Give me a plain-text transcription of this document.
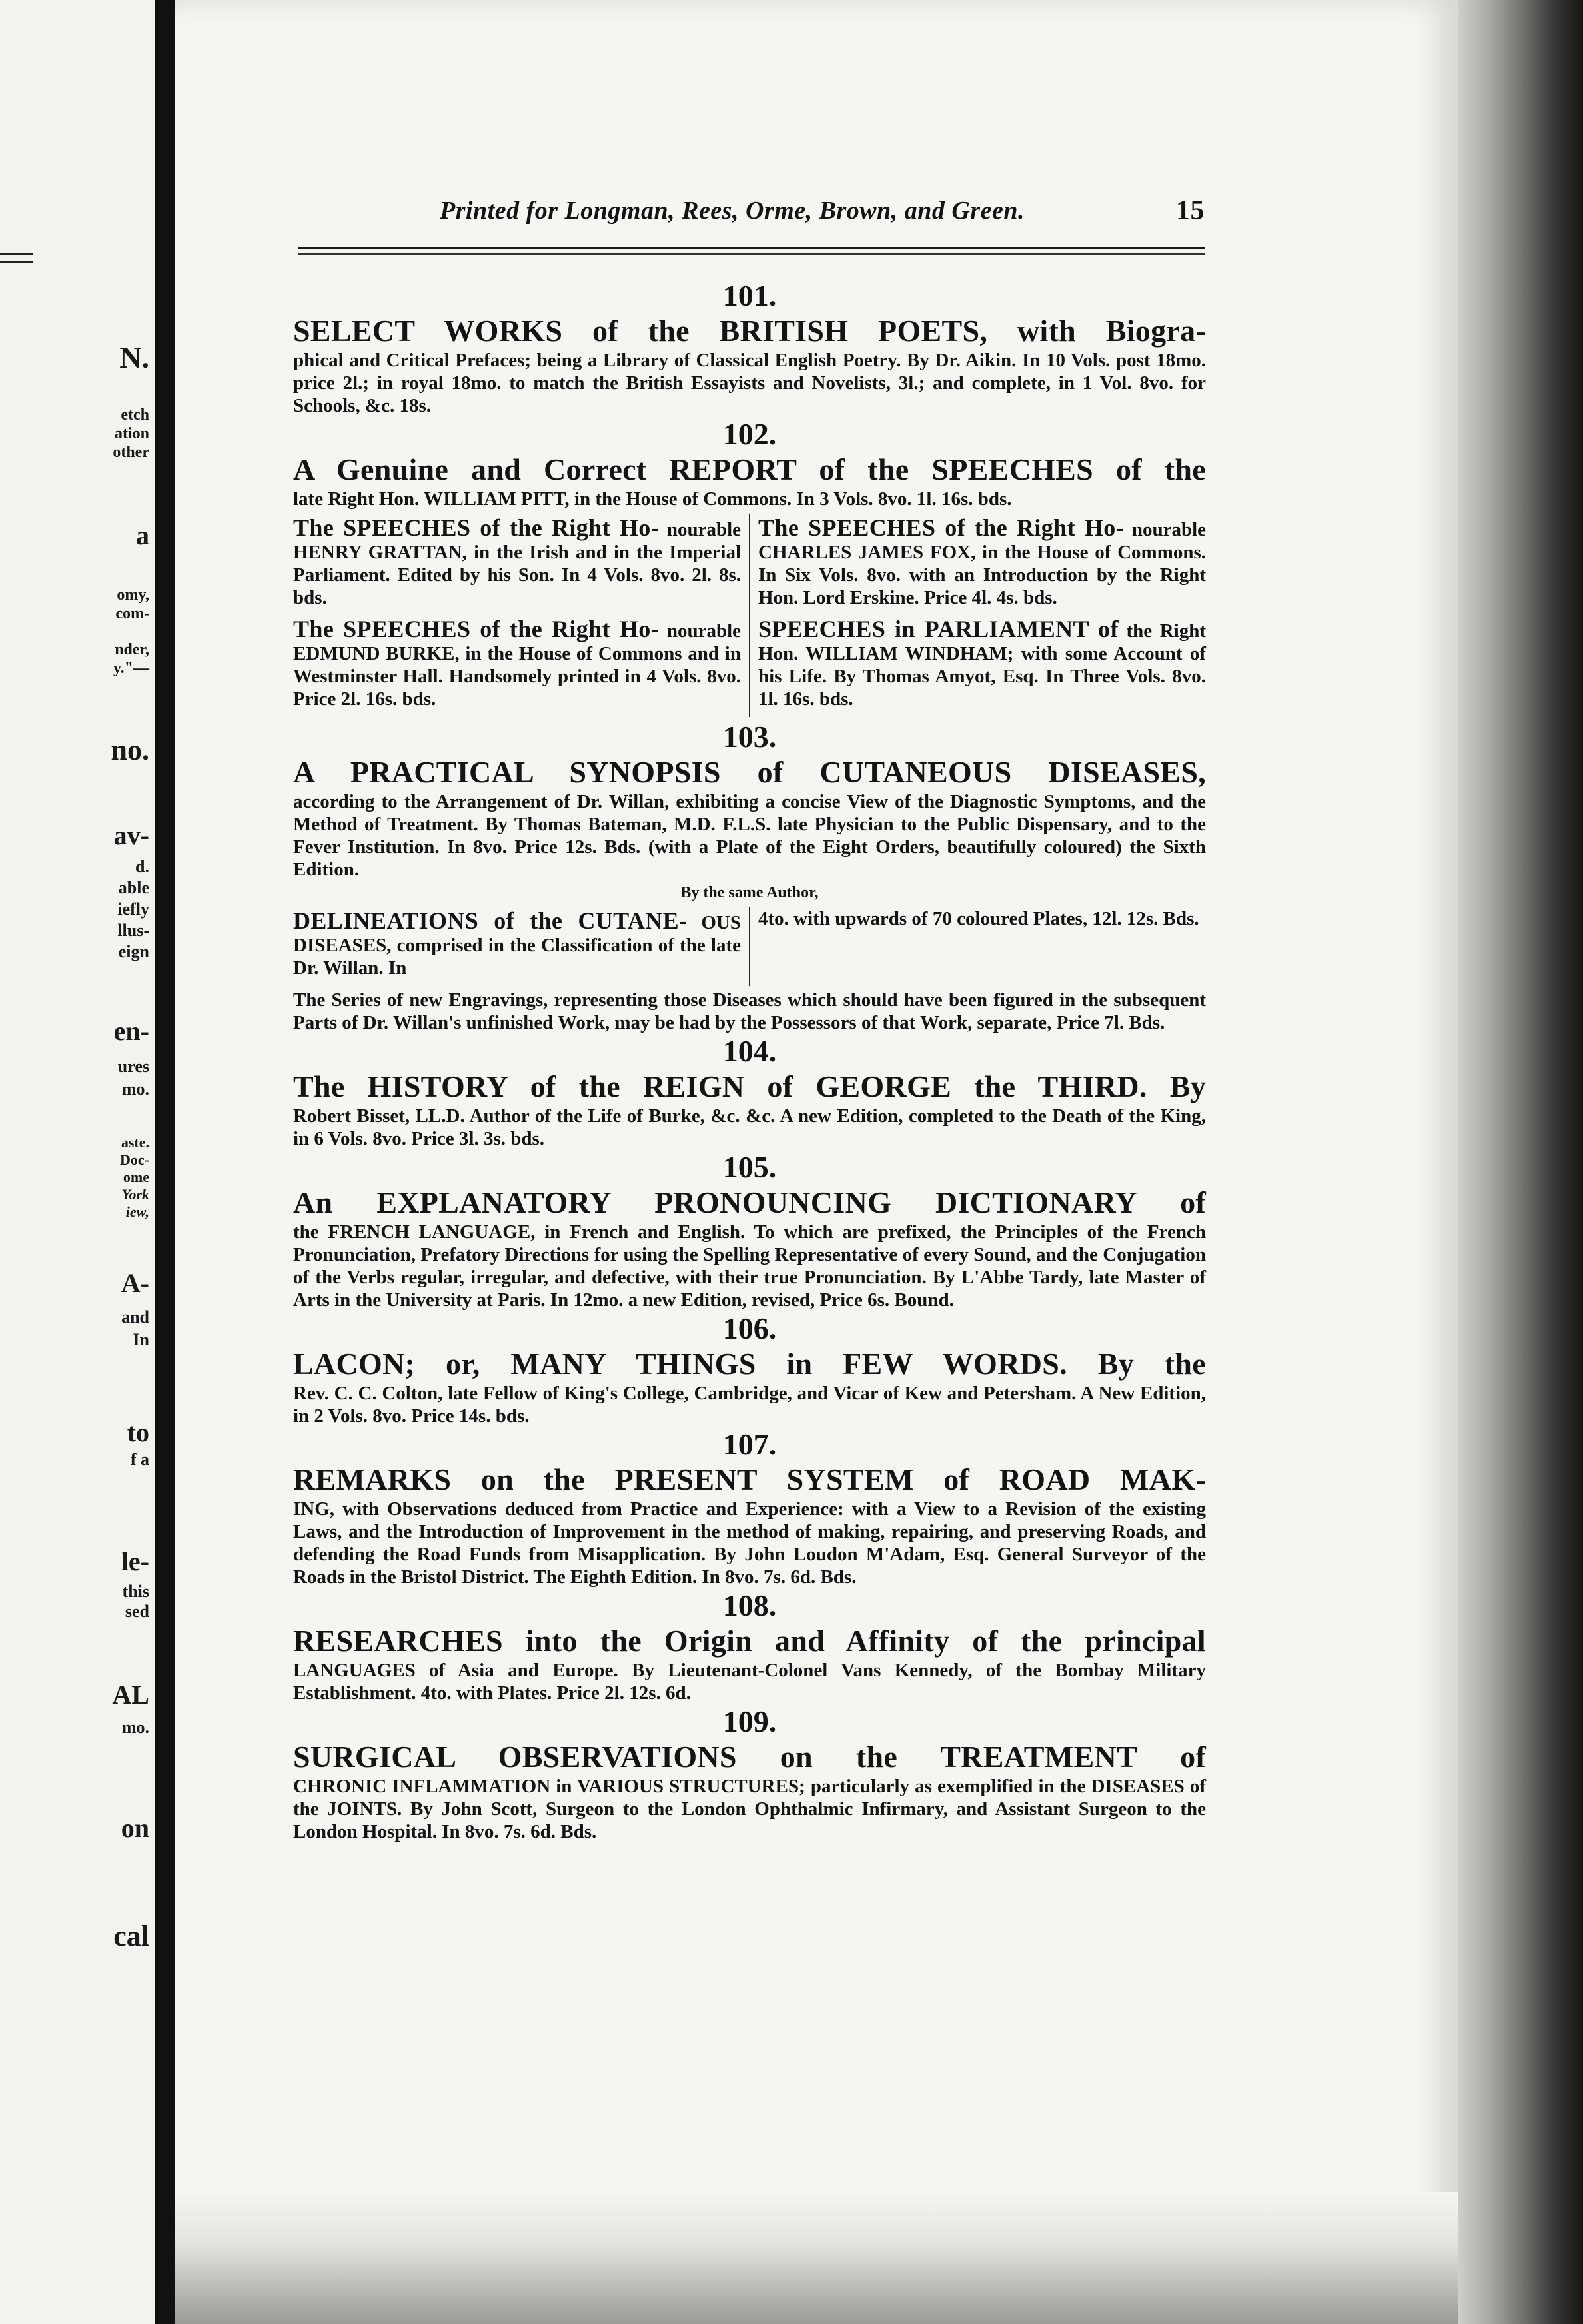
N.
etch
ation
other
a
omy,
com-
nder,
y."—
no.
av-
d.
able
iefly
llus-
eign
en-
ures
mo.
aste.
Doc-
ome
York
iew,
A-
and
In
to
f a
le-
this
sed
AL
mo.
on
cal
Printed for Longman, Rees, Orme, Brown, and Green.	15

101.

SELECT WORKS of the BRITISH POETS, with Biogra-

phical and Critical Prefaces; being a Library of Classical English Poetry. By Dr. Aikin. In 10 Vols. post 18mo. price 2l.; in royal 18mo. to match the British Essayists and Novelists, 3l.; and complete, in 1 Vol. 8vo. for Schools, &c. 18s.

102.

A Genuine and Correct REPORT of the SPEECHES of the

late Right Hon. WILLIAM PITT, in the House of Commons. In 3 Vols. 8vo. 1l. 16s. bds.

The SPEECHES of the Right Ho- nourable HENRY GRATTAN, in the Irish and in the Imperial Parliament. Edited by his Son. In 4 Vols. 8vo. 2l. 8s. bds.

The SPEECHES of the Right Ho- nourable EDMUND BURKE, in the House of Commons and in Westminster Hall. Handsomely printed in 4 Vols. 8vo. Price 2l. 16s. bds.

The SPEECHES of the Right Ho- nourable CHARLES JAMES FOX, in the House of Commons. In Six Vols. 8vo. with an Introduction by the Right Hon. Lord Erskine. Price 4l. 4s. bds.

SPEECHES in PARLIAMENT of the Right Hon. WILLIAM WINDHAM; with some Account of his Life. By Thomas Amyot, Esq. In Three Vols. 8vo. 1l. 16s. bds.

103.

A PRACTICAL SYNOPSIS of CUTANEOUS DISEASES,

according to the Arrangement of Dr. Willan, exhibiting a concise View of the Diagnostic Symptoms, and the Method of Treatment. By Thomas Bateman, M.D. F.L.S. late Physician to the Public Dispensary, and to the Fever Institution. In 8vo. Price 12s. Bds. (with a Plate of the Eight Orders, beautifully coloured) the Sixth Edition.

By the same Author,

DELINEATIONS of the CUTANE- OUS DISEASES, comprised in the Classification of the late Dr. Willan. In

4to. with upwards of 70 coloured Plates, 12l. 12s. Bds.

The Series of new Engravings, representing those Diseases which should have been figured in the subsequent Parts of Dr. Willan's unfinished Work, may be had by the Possessors of that Work, separate, Price 7l. Bds.

104.

The HISTORY of the REIGN of GEORGE the THIRD. By

Robert Bisset, LL.D. Author of the Life of Burke, &c. &c. A new Edition, completed to the Death of the King, in 6 Vols. 8vo. Price 3l. 3s. bds.

105.

An EXPLANATORY PRONOUNCING DICTIONARY of

the FRENCH LANGUAGE, in French and English. To which are prefixed, the Principles of the French Pronunciation, Prefatory Directions for using the Spelling Representative of every Sound, and the Conjugation of the Verbs regular, irregular, and defective, with their true Pronunciation. By L'Abbe Tardy, late Master of Arts in the University at Paris. In 12mo. a new Edition, revised, Price 6s. Bound.

106.

LACON; or, MANY THINGS in FEW WORDS. By the

Rev. C. C. Colton, late Fellow of King's College, Cambridge, and Vicar of Kew and Petersham. A New Edition, in 2 Vols. 8vo. Price 14s. bds.

107.

REMARKS on the PRESENT SYSTEM of ROAD MAK-

ING, with Observations deduced from Practice and Experience: with a View to a Revision of the existing Laws, and the Introduction of Improvement in the method of making, repairing, and preserving Roads, and defending the Road Funds from Misapplication. By John Loudon M'Adam, Esq. General Surveyor of the Roads in the Bristol District. The Eighth Edition. In 8vo. 7s. 6d. Bds.

108.

RESEARCHES into the Origin and Affinity of the principal

LANGUAGES of Asia and Europe. By Lieutenant-Colonel Vans Kennedy, of the Bombay Military Establishment. 4to. with Plates. Price 2l. 12s. 6d.

109.

SURGICAL OBSERVATIONS on the TREATMENT of

CHRONIC INFLAMMATION in VARIOUS STRUCTURES; particularly as exemplified in the DISEASES of the JOINTS. By John Scott, Surgeon to the London Ophthalmic Infirmary, and Assistant Surgeon to the London Hospital. In 8vo. 7s. 6d. Bds.
